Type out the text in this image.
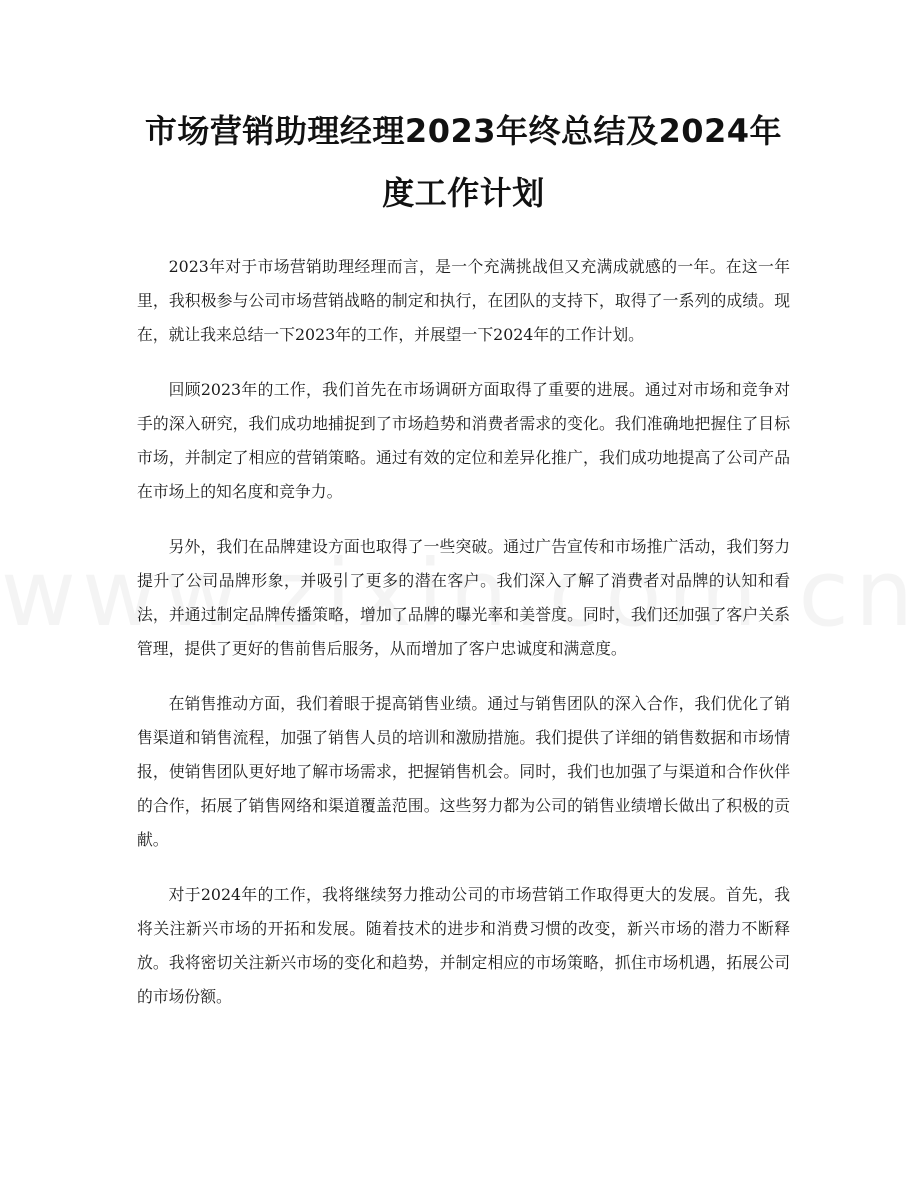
市场营销助理经理2023年终总结及2024年度工作计划

2023年对于市场营销助理经理而言，是一个充满挑战但又充满成就感的一年。在这一年里，我积极参与公司市场营销战略的制定和执行，在团队的支持下，取得了一系列的成绩。现在，就让我来总结一下2023年的工作，并展望一下2024年的工作计划。

回顾2023年的工作，我们首先在市场调研方面取得了重要的进展。通过对市场和竞争对手的深入研究，我们成功地捕捉到了市场趋势和消费者需求的变化。我们准确地把握住了目标市场，并制定了相应的营销策略。通过有效的定位和差异化推广，我们成功地提高了公司产品在市场上的知名度和竞争力。

另外，我们在品牌建设方面也取得了一些突破。通过广告宣传和市场推广活动，我们努力提升了公司品牌形象，并吸引了更多的潜在客户。我们深入了解了消费者对品牌的认知和看法，并通过制定品牌传播策略，增加了品牌的曝光率和美誉度。同时，我们还加强了客户关系管理，提供了更好的售前售后服务，从而增加了客户忠诚度和满意度。

在销售推动方面，我们着眼于提高销售业绩。通过与销售团队的深入合作，我们优化了销售渠道和销售流程，加强了销售人员的培训和激励措施。我们提供了详细的销售数据和市场情报，使销售团队更好地了解市场需求，把握销售机会。同时，我们也加强了与渠道和合作伙伴的合作，拓展了销售网络和渠道覆盖范围。这些努力都为公司的销售业绩增长做出了积极的贡献。

对于2024年的工作，我将继续努力推动公司的市场营销工作取得更大的发展。首先，我将关注新兴市场的开拓和发展。随着技术的进步和消费习惯的改变，新兴市场的潜力不断释放。我将密切关注新兴市场的变化和趋势，并制定相应的市场策略，抓住市场机遇，拓展公司的市场份额。
